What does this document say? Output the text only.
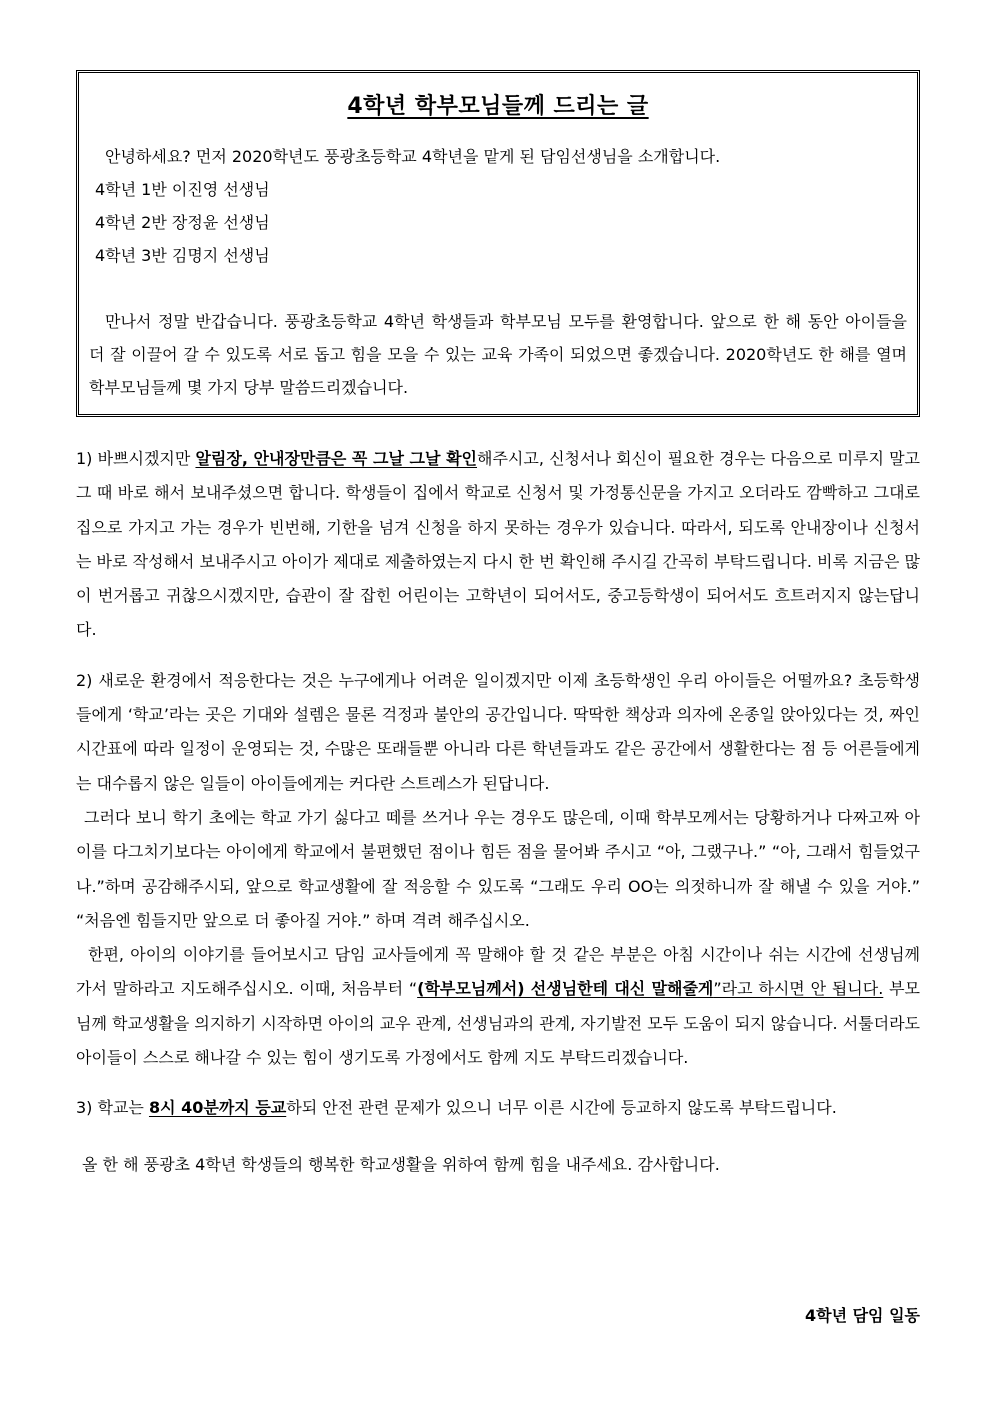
4학년 학부모님들께 드리는 글
안녕하세요? 먼저 2020학년도 풍광초등학교 4학년을 맡게 된 담임선생님을 소개합니다.
4학년 1반 이진영 선생님
4학년 2반 장정윤 선생님
4학년 3반 김명지 선생님
만나서 정말 반갑습니다. 풍광초등학교 4학년 학생들과 학부모님 모두를 환영합니다. 앞으로 한 해 동안 아이들을 더 잘 이끌어 갈 수 있도록 서로 돕고 힘을 모을 수 있는 교육 가족이 되었으면 좋겠습니다. 2020학년도 한 해를 열며 학부모님들께 몇 가지 당부 말씀드리겠습니다.

1) 바쁘시겠지만 알림장, 안내장만큼은 꼭 그날 그날 확인해주시고, 신청서나 회신이 필요한 경우는 다음으로 미루지 말고 그 때 바로 해서 보내주셨으면 합니다. 학생들이 집에서 학교로 신청서 및 가정통신문을 가지고 오더라도 깜빡하고 그대로 집으로 가지고 가는 경우가 빈번해, 기한을 넘겨 신청을 하지 못하는 경우가 있습니다. 따라서, 되도록 안내장이나 신청서는 바로 작성해서 보내주시고 아이가 제대로 제출하였는지 다시 한 번 확인해 주시길 간곡히 부탁드립니다. 비록 지금은 많이 번거롭고 귀찮으시겠지만, 습관이 잘 잡힌 어린이는 고학년이 되어서도, 중고등학생이 되어서도 흐트러지지 않는답니다.

2) 새로운 환경에서 적응한다는 것은 누구에게나 어려운 일이겠지만 이제 초등학생인 우리 아이들은 어떨까요? 초등학생들에게 ‘학교’라는 곳은 기대와 설렘은 물론 걱정과 불안의 공간입니다. 딱딱한 책상과 의자에 온종일 앉아있다는 것, 짜인 시간표에 따라 일정이 운영되는 것, 수많은 또래들뿐 아니라 다른 학년들과도 같은 공간에서 생활한다는 점 등 어른들에게는 대수롭지 않은 일들이 아이들에게는 커다란 스트레스가 된답니다.

그러다 보니 학기 초에는 학교 가기 싫다고 떼를 쓰거나 우는 경우도 많은데, 이때 학부모께서는 당황하거나 다짜고짜 아이를 다그치기보다는 아이에게 학교에서 불편했던 점이나 힘든 점을 물어봐 주시고 “아, 그랬구나.” “아, 그래서 힘들었구나.”하며 공감해주시되, 앞으로 학교생활에 잘 적응할 수 있도록 “그래도 우리 OO는 의젓하니까 잘 해낼 수 있을 거야.” “처음엔 힘들지만 앞으로 더 좋아질 거야.” 하며 격려 해주십시오.

한편, 아이의 이야기를 들어보시고 담임 교사들에게 꼭 말해야 할 것 같은 부분은 아침 시간이나 쉬는 시간에 선생님께 가서 말하라고 지도해주십시오. 이때, 처음부터 “(학부모님께서) 선생님한테 대신 말해줄게”라고 하시면 안 됩니다. 부모님께 학교생활을 의지하기 시작하면 아이의 교우 관계, 선생님과의 관계, 자기발전 모두 도움이 되지 않습니다. 서툴더라도 아이들이 스스로 해나갈 수 있는 힘이 생기도록 가정에서도 함께 지도 부탁드리겠습니다.

3) 학교는 8시 40분까지 등교하되 안전 관련 문제가 있으니 너무 이른 시간에 등교하지 않도록 부탁드립니다.

올 한 해 풍광초 4학년 학생들의 행복한 학교생활을 위하여 함께 힘을 내주세요. 감사합니다.

4학년 담임 일동
